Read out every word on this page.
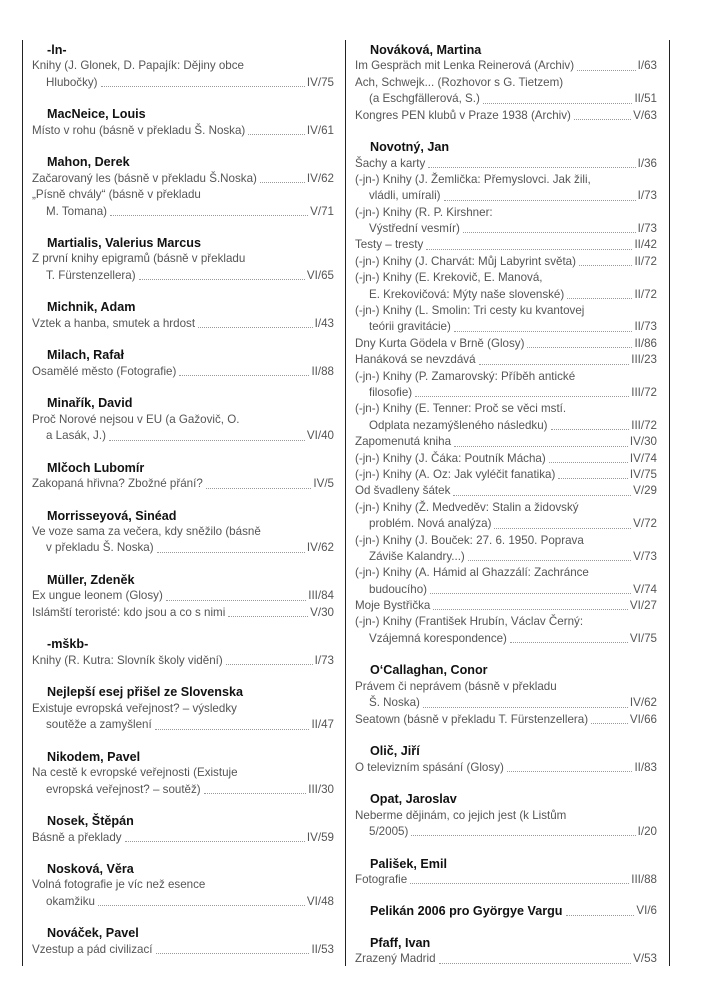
-ln-
Knihy (J. Glonek, D. Papajík: Dějiny obce
Hlubočky)	IV/75
MacNeice, Louis
Místo v rohu (básně v překladu Š. Noska)	IV/61
Mahon, Derek
Začarovaný les (básně v překladu Š.Noska)	IV/62
„Písně chvály“ (básně v překladu
M. Tomana)	V/71
Martialis, Valerius Marcus
Z první knihy epigramů (básně v překladu
T. Fürstenzellera)	VI/65
Michnik, Adam
Vztek a hanba, smutek a hrdost	I/43
Milach, Rafał
Osamělé město (Fotografie)	II/88
Minařík, David
Proč Norové nejsou v EU (a Gažovič, O.
a Lasák, J.)	VI/40
Mlčoch Lubomír
Zakopaná hřivna? Zbožné přání?	IV/5
Morrisseyová, Sinéad
Ve voze sama za večera, kdy sněžilo (básně
v překladu Š. Noska)	IV/62
Müller, Zdeněk
Ex ungue leonem (Glosy)	III/84
Islámští teroristé: kdo jsou a co s nimi	V/30
-mškb-
Knihy (R. Kutra: Slovník školy vidění)	I/73
Nejlepší esej přišel ze Slovenska
Existuje evropská veřejnost? – výsledky
soutěže a zamyšlení	II/47
Nikodem, Pavel
Na cestě k evropské veřejnosti (Existuje
evropská veřejnost? – soutěž)	III/30
Nosek, Štěpán
Básně a překlady	IV/59
Nosková, Věra
Volná fotografie je víc než esence
okamžiku	VI/48
Nováček, Pavel
Vzestup a pád civilizací	II/53
Nováková, Martina
Im Gespräch mit Lenka Reinerová (Archiv)	I/63
Ach, Schwejk... (Rozhovor s G. Tietzem)
(a Eschgfällerová, S.)	II/51
Kongres PEN klubů v Praze 1938 (Archiv)	V/63
Novotný, Jan
Šachy a karty	I/36
(-jn-) Knihy (J. Žemlička: Přemyslovci. Jak žili,
vládli, umírali)	I/73
(-jn-) Knihy (R. P. Kirshner:
Výstřední vesmír)	I/73
Testy – tresty	II/42
(-jn-) Knihy (J. Charvát: Můj Labyrint světa)	II/72
(-jn-) Knihy (E. Krekovič, E. Manová,
E. Krekovičová: Mýty naše slovenské)	II/72
(-jn-) Knihy (L. Smolin: Tri cesty ku kvantovej
teórii gravitácie)	II/73
Dny Kurta Gödela v Brně (Glosy)	II/86
Hanáková se nevzdává	III/23
(-jn-) Knihy (P. Zamarovský: Příběh antické
filosofie)	III/72
(-jn-) Knihy (E. Tenner: Proč se věci mstí.
Odplata nezamýšleného následku)	III/72
Zapomenutá kniha	IV/30
(-jn-) Knihy (J. Čáka: Poutník Mácha)	IV/74
(-jn-) Knihy (A. Oz: Jak vyléčit fanatika)	IV/75
Od švadleny šátek	V/29
(-jn-) Knihy (Ž. Medveděv: Stalin a židovský
problém. Nová analýza)	V/72
(-jn-) Knihy (J. Bouček: 27. 6. 1950. Poprava
Záviše Kalandry...)	V/73
(-jn-) Knihy (A. Hámid al Ghazzálí: Zachránce
budoucího)	V/74
Moje Bystřička	VI/27
(-jn-) Knihy (František Hrubín, Václav Černý:
Vzájemná korespondence)	VI/75
O‘Callaghan, Conor
Právem či neprávem (básně v překladu
Š. Noska)	IV/62
Seatown (básně v překladu T. Fürstenzellera)	VI/66
Olič, Jiří
O televizním spásání (Glosy)	II/83
Opat, Jaroslav
Neberme dějinám, co jejich jest (k Listům
5/2005)	I/20
Pališek, Emil
Fotografie	III/88
Pelikán 2006 pro Györgye Vargu	VI/6
Pfaff, Ivan
Zrazený Madrid	V/53
